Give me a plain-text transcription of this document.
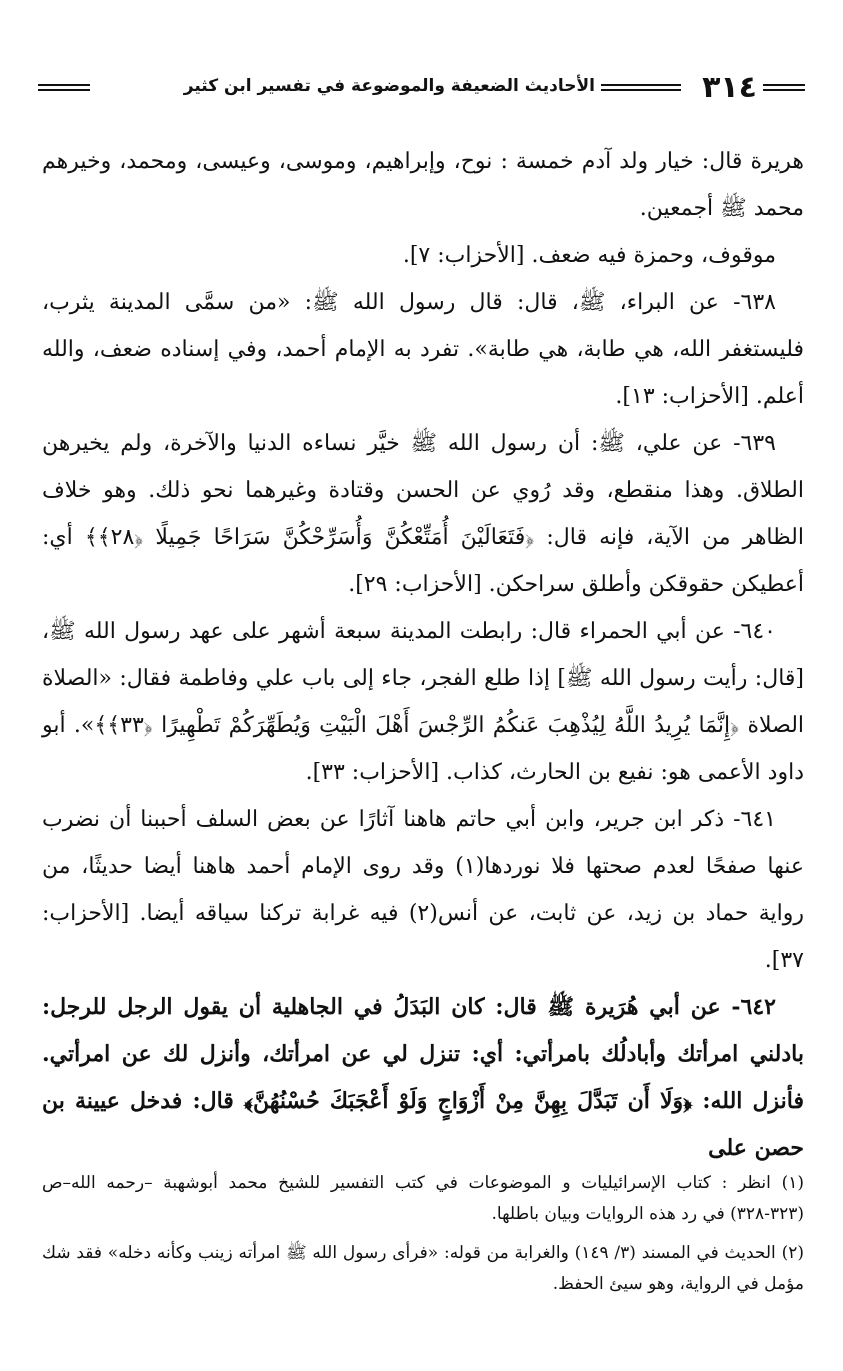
٣١٤
الأحاديث الضعيفة والموضوعة في تفسير ابن كثير

هريرة قال: خيار ولد آدم خمسة : نوح، وإبراهيم، وموسى، وعيسى، ومحمد، وخيرهم محمد ﷺ أجمعين.

موقوف، وحمزة فيه ضعف. [الأحزاب: ٧].

٦٣٨- عن البراء، ﷺ، قال: قال رسول الله ﷺ: «من سمَّى المدينة يثرب، فليستغفر الله، هي طابة، هي طابة». تفرد به الإمام أحمد، وفي إسناده ضعف، والله أعلم. [الأحزاب: ١٣].

٦٣٩- عن علي، ﷺ: أن رسول الله ﷺ خيَّر نساءه الدنيا والآخرة، ولم يخيرهن الطلاق. وهذا منقطع، وقد رُوي عن الحسن وقتادة وغيرهما نحو ذلك. وهو خلاف الظاهر من الآية، فإنه قال: ﴿فَتَعَالَيْنَ أُمَتِّعْكُنَّ وَأُسَرِّحْكُنَّ سَرَاحًا جَمِيلًا ﴿٢٨﴾﴾ أي: أعطيكن حقوقكن وأطلق سراحكن. [الأحزاب: ٢٩].

٦٤٠- عن أبي الحمراء قال: رابطت المدينة سبعة أشهر على عهد رسول الله ﷺ،[قال: رأيت رسول الله ﷺ] إذا طلع الفجر، جاء إلى باب علي وفاطمة فقال: «الصلاة الصلاة ﴿إِنَّمَا يُرِيدُ اللَّهُ لِيُذْهِبَ عَنكُمُ الرِّجْسَ أَهْلَ الْبَيْتِ وَيُطَهِّرَكُمْ تَطْهِيرًا ﴿٣٣﴾﴾». أبو داود الأعمى هو: نفيع بن الحارث، كذاب. [الأحزاب: ٣٣].

٦٤١- ذكر ابن جرير، وابن أبي حاتم هاهنا آثارًا عن بعض السلف أحببنا أن نضرب عنها صفحًا لعدم صحتها فلا نوردها(١) وقد روى الإمام أحمد هاهنا أيضا حديثًا، من رواية حماد بن زيد، عن ثابت، عن أنس(٢) فيه غرابة تركنا سياقه أيضا. [الأحزاب: ٣٧].

٦٤٢- عن أبي هُرَيرة ﷺ قال: كان البَدَلُ في الجاهلية أن يقول الرجل للرجل: بادلني امرأتك وأبادلُك بامرأتي: أي: تنزل لي عن امرأتك، وأنزل لك عن امرأتي. فأنزل الله: ﴿وَلَا أَن تَبَدَّلَ بِهِنَّ مِنْ أَزْوَاجٍ وَلَوْ أَعْجَبَكَ حُسْنُهُنَّ﴾ قال: فدخل عيينة بن حصن على

(١) انظر : كتاب الإسرائيليات و الموضوعات في كتب التفسير للشيخ محمد أبوشهبة –رحمه الله–ص (٣٢٣-٣٢٨) في رد هذه الروايات وبيان باطلها.

(٢) الحديث في المسند (٣/ ١٤٩) والغرابة من قوله: «فرأى رسول الله ﷺ امرأته زينب وكأنه دخله» فقد شك مؤمل في الرواية، وهو سيئ الحفظ.
